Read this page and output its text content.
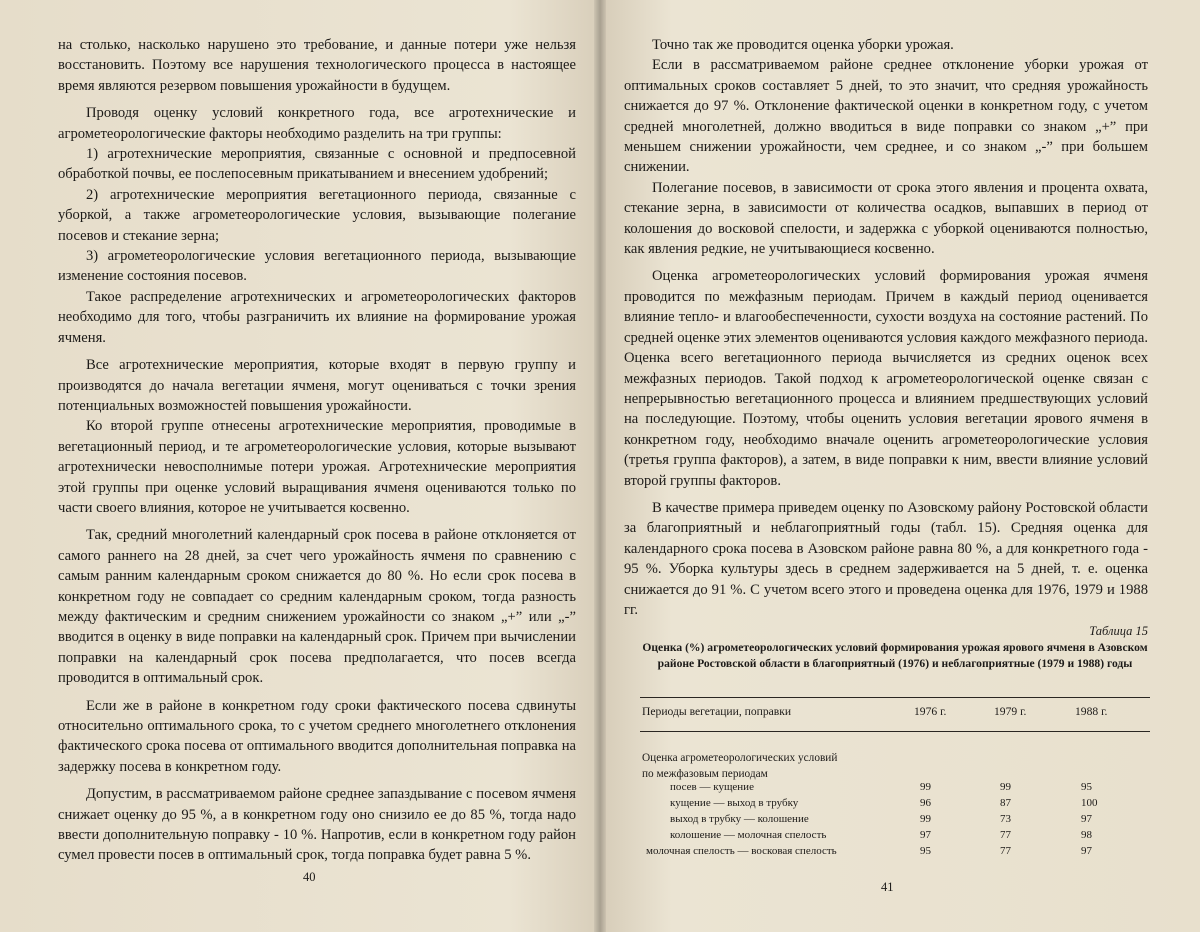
на столько, насколько нарушено это требование, и данные потери уже нельзя восстановить. Поэтому все нарушения технологического процесса в настоящее время являются резервом повышения урожайности в будущем.

Проводя оценку условий конкретного года, все агротехнические и агрометеорологические факторы необходимо разделить на три группы:

1) агротехнические мероприятия, связанные с основной и предпосевной обработкой почвы, ее послепосевным прикатыванием и внесением удобрений;

2) агротехнические мероприятия вегетационного периода, связанные с уборкой, а также агрометеорологические условия, вызывающие полегание посевов и стекание зерна;

3) агрометеорологические условия вегетационного периода, вызывающие изменение состояния посевов.

Такое распределение агротехнических и агрометеорологических факторов необходимо для того, чтобы разграничить их влияние на формирование урожая ячменя.

Все агротехнические мероприятия, которые входят в первую группу и производятся до начала вегетации ячменя, могут оцениваться с точки зрения потенциальных возможностей повышения урожайности.

Ко второй группе отнесены агротехнические мероприятия, проводимые в вегетационный период, и те агрометеорологические условия, которые вызывают агротехнически невосполнимые потери урожая. Агротехнические мероприятия этой группы при оценке условий выращивания ячменя оцениваются только по части своего влияния, которое не учитывается косвенно.

Так, средний многолетний календарный срок посева в районе отклоняется от самого раннего на 28 дней, за счет чего урожайность ячменя по сравнению с самым ранним календарным сроком снижается до 80 %. Но если срок посева в конкретном году не совпадает со средним календарным сроком, тогда разность между фактическим и средним снижением урожайности со знаком „+” или „-” вводится в оценку в виде поправки на календарный срок. Причем при вычислении поправки на календарный срок посева предполагается, что посев всегда проводится в оптимальный срок.

Если же в районе в конкретном году сроки фактического посева сдвинуты относительно оптимального срока, то с учетом среднего многолетнего отклонения фактического срока посева от оптимального вводится дополнительная поправка на задержку посева в конкретном году.

Допустим, в рассматриваемом районе среднее запаздывание с посевом ячменя снижает оценку до 95 %, а в конкретном году оно снизило ее до 85 %, тогда надо ввести дополнительную поправку - 10 %. Напротив, если в конкретном году район сумел провести посев в оптимальный срок, тогда поправка будет равна 5 %.

40

Точно так же проводится оценка уборки урожая.

Если в рассматриваемом районе среднее отклонение уборки урожая от оптимальных сроков составляет 5 дней, то это значит, что средняя урожайность снижается до 97 %. Отклонение фактической оценки в конкретном году, с учетом средней многолетней, должно вводиться в виде поправки со знаком „+” при меньшем снижении урожайности, чем среднее, и со знаком „-” при большем снижении.

Полегание посевов, в зависимости от срока этого явления и процента охвата, стекание зерна, в зависимости от количества осадков, выпавших в период от колошения до восковой спелости, и задержка с уборкой оцениваются полностью, как явления редкие, не учитывающиеся косвенно.

Оценка агрометеорологических условий формирования урожая ячменя проводится по межфазным периодам. Причем в каждый период оценивается влияние тепло- и влагообеспеченности, сухости воздуха на состояние растений. По средней оценке этих элементов оцениваются условия каждого межфазного периода. Оценка всего вегетационного периода вычисляется из средних оценок всех межфазных периодов. Такой подход к агрометеорологической оценке связан с непрерывностью вегетационного процесса и влиянием предшествующих условий на последующие. Поэтому, чтобы оценить условия вегетации ярового ячменя в конкретном году, необходимо вначале оценить агрометеорологические условия (третья группа факторов), а затем, в виде поправки к ним, ввести влияние условий второй группы факторов.

В качестве примера приведем оценку по Азовскому району Ростовской области за благоприятный и неблагоприятный годы (табл. 15). Средняя оценка для календарного срока посева в Азовском районе равна 80 %, а для конкретного года - 95 %. Уборка культуры здесь в среднем задерживается на 5 дней, т. е. оценка снижается до 91 %. С учетом всего этого и проведена оценка для 1976, 1979 и 1988 гг.

Таблица 15
Оценка (%) агрометеорологических условий формирования урожая ярового ячменя в Азовском районе Ростовской области в благоприятный (1976) и неблагоприятные (1979 и 1988) годы
Периоды вегетации, поправки	1976 г.	1979 г.	1988 г.
Оценка агрометеорологических условий
по межфазовым периодам
посев — кущение	99	99	95
кущение — выход в трубку	96	87	100
выход в трубку — колошение	99	73	97
колошение — молочная спелость	97	77	98
молочная спелость — восковая спелость	95	77	97
41
